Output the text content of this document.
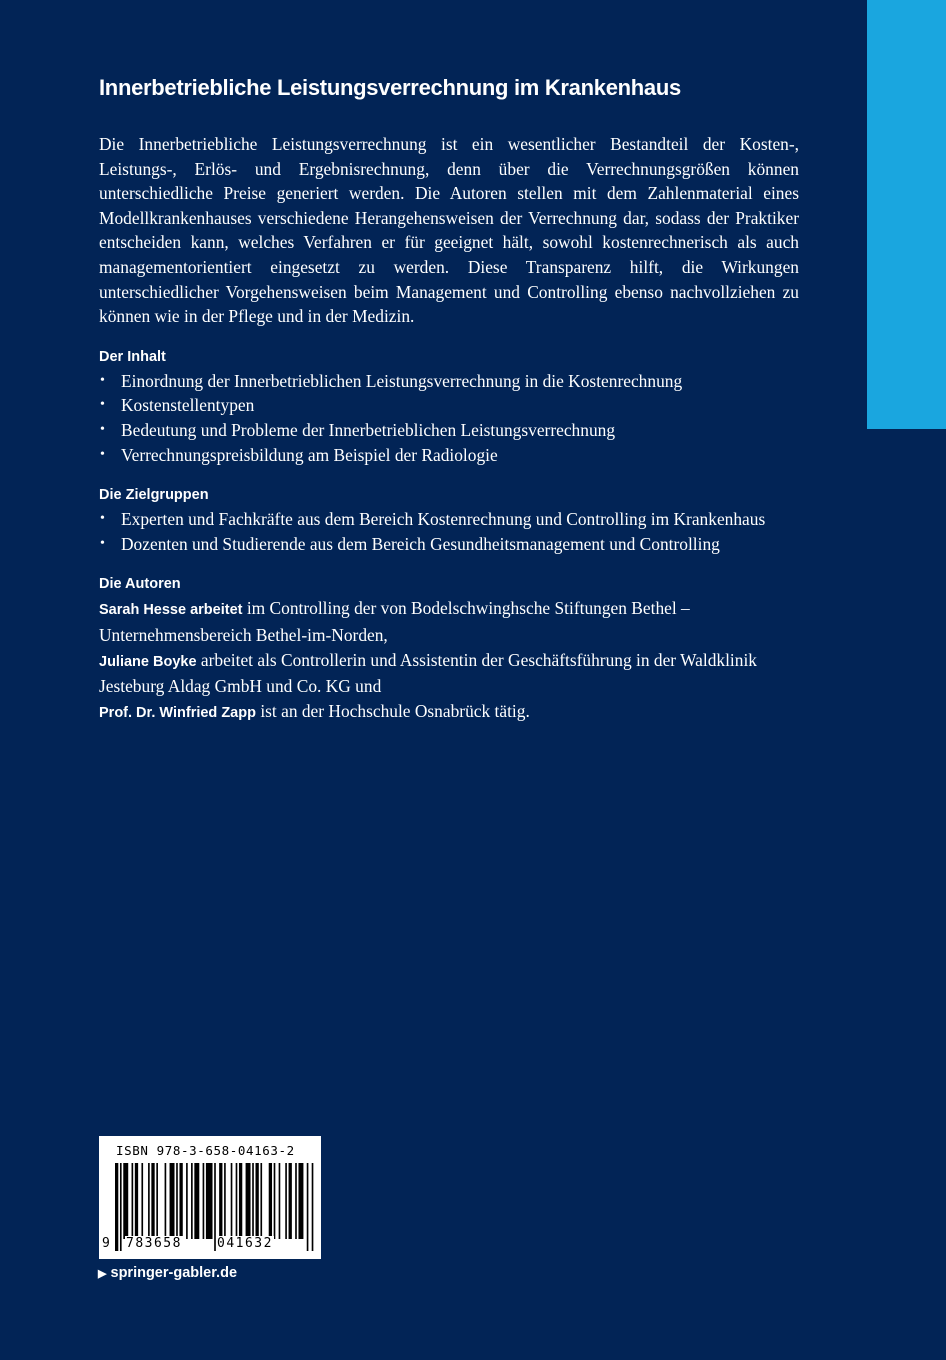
Innerbetriebliche Leistungsverrechnung im Krankenhaus

Die Innerbetriebliche Leistungsverrechnung ist ein wesentlicher Bestandteil der Kosten-, Leistungs-, Erlös- und Ergebnisrechnung, denn über die Verrechnungsgrößen können unterschiedliche Preise generiert werden. Die Autoren stellen mit dem Zahlenmaterial eines Modellkrankenhauses verschiedene Herangehensweisen der Verrechnung dar, sodass der Praktiker entscheiden kann, welches Verfahren er für geeignet hält, sowohl kostenrechnerisch als auch managementorientiert eingesetzt zu werden. Diese Transparenz hilft, die Wirkungen unterschiedlicher Vorgehensweisen beim Management und Controlling ebenso nachvollziehen zu können wie in der Pflege und in der Medizin.

Der Inhalt
• Einordnung der Innerbetrieblichen Leistungsverrechnung in die Kostenrechnung
• Kostenstellentypen
• Bedeutung und Probleme der Innerbetrieblichen Leistungsverrechnung
• Verrechnungspreisbildung am Beispiel der Radiologie
Die Zielgruppen
• Experten und Fachkräfte aus dem Bereich Kostenrechnung und Controlling im Krankenhaus
• Dozenten und Studierende aus dem Bereich Gesundheitsmanagement und Controlling
Die Autoren

Sarah Hesse arbeitet im Controlling der von Bodelschwinghsche Stiftungen Bethel – Unternehmensbereich Bethel-im-Norden,

Juliane Boyke arbeitet als Controllerin und Assistentin der Geschäftsführung in der Waldklinik Jesteburg Aldag GmbH und Co. KG und

Prof. Dr. Winfried Zapp ist an der Hochschule Osnabrück tätig.

ISBN 978-3-658-04163-2
9 783658	041632
▶ springer-gabler.de
